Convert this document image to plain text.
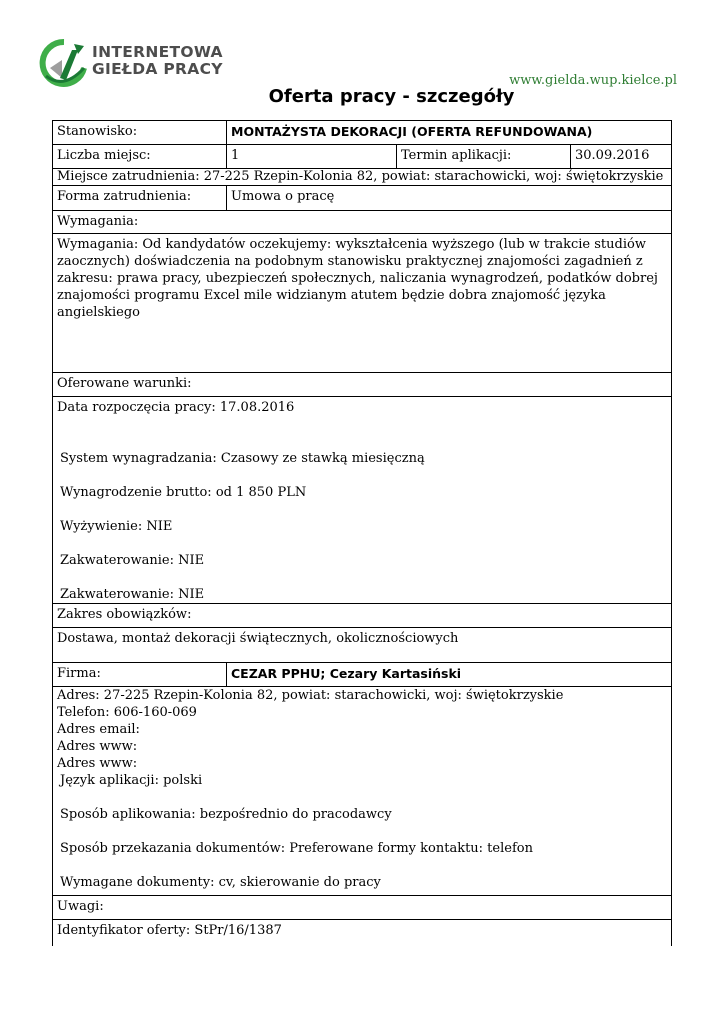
INTERNETOWA
GIEŁDA PRACY
www.gielda.wup.kielce.pl
Oferta pracy - szczegóły
Stanowisko:	MONTAŻYSTA DEKORACJI (OFERTA REFUNDOWANA)
Liczba miejsc:	1	Termin aplikacji:	30.09.2016
Miejsce zatrudnienia: 27-225 Rzepin-Kolonia 82, powiat: starachowicki, woj: świętokrzyskie
Forma zatrudnienia:	Umowa o pracę
Wymagania:
Wymagania: Od kandydatów oczekujemy: wykształcenia wyższego (lub w trakcie studiów zaocznych) doświadczenia na podobnym stanowisku praktycznej znajomości zagadnień z zakresu: prawa pracy, ubezpieczeń społecznych, naliczania wynagrodzeń, podatków dobrej znajomości programu Excel mile widzianym atutem będzie dobra znajomość języka angielskiego
Oferowane warunki:
Data rozpoczęcia pracy: 17.08.2016
System wynagradzania: Czasowy ze stawką miesięczną
Wynagrodzenie brutto: od 1 850 PLN
Wyżywienie: NIE
Zakwaterowanie: NIE
Zakwaterowanie: NIE
Zakres obowiązków:
Dostawa, montaż dekoracji świątecznych, okolicznościowych
Firma:	CEZAR PPHU; Cezary Kartasiński
Adres: 27-225 Rzepin-Kolonia 82, powiat: starachowicki, woj: świętokrzyskie
Telefon: 606-160-069
Adres email:
Adres www:
Adres www:
Język aplikacji: polski
Sposób aplikowania: bezpośrednio do pracodawcy
Sposób przekazania dokumentów: Preferowane formy kontaktu: telefon
Wymagane dokumenty: cv, skierowanie do pracy
Uwagi:
Identyfikator oferty: StPr/16/1387
